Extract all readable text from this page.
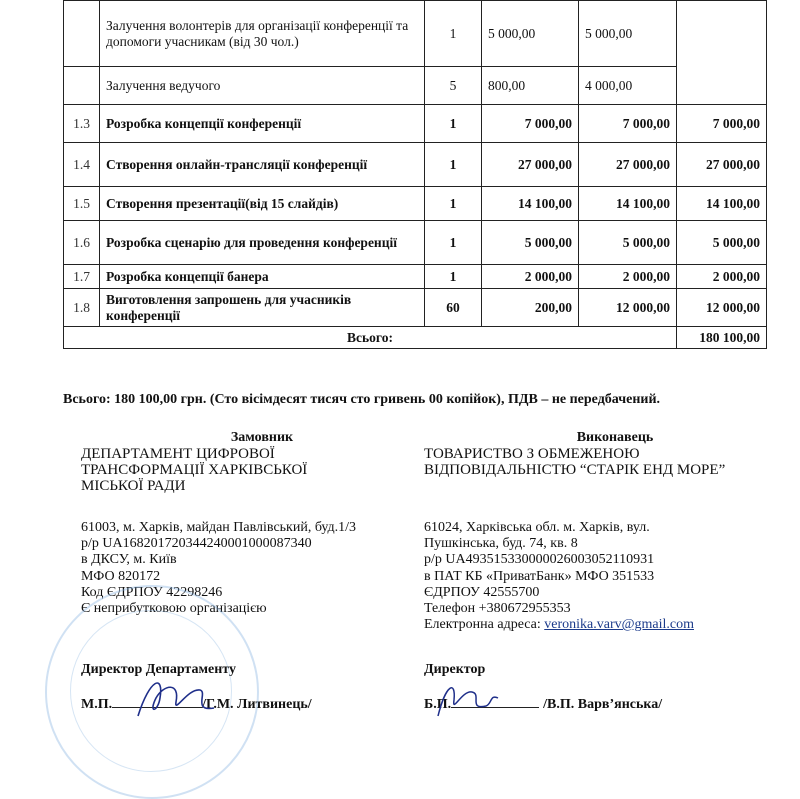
	Залучення волонтерів для організації конференції та допомоги учасникам (від 30 чол.)	1	5 000,00	5 000,00	
	Залучення ведучого	5	800,00	4 000,00	
1.3	Розробка концепції конференції	1	7 000,00	7 000,00	7 000,00
1.4	Створення онлайн-трансляції конференції	1	27 000,00	27 000,00	27 000,00
1.5	Створення презентації(від 15 слайдів)	1	14 100,00	14 100,00	14 100,00
1.6	Розробка сценарію для проведення конференції	1	5 000,00	5 000,00	5 000,00
1.7	Розробка концепції банера	1	2 000,00	2 000,00	2 000,00
1.8	Виготовлення запрошень для учасників конференції	60	200,00	12 000,00	12 000,00
Всього:					180 100,00
Всього: 180 100,00 грн. (Сто вісімдесят тисяч сто гривень 00 копійок), ПДВ – не передбачений.
Замовник
ДЕПАРТАМЕНТ ЦИФРОВОЇ
ТРАНСФОРМАЦІЇ ХАРКІВСЬКОЇ
МІСЬКОЇ РАДИ
61003, м. Харків, майдан Павлівський, буд.1/3
р/р UA168201720344240001000087340
в ДКСУ, м. Київ
МФО 820172
Код ЄДРПОУ 42298246
Є неприбутковою організацією
Директор Департаменту
М.П.	/Г.М. Литвинець/
Виконавець
ТОВАРИСТВО З ОБМЕЖЕНОЮ
ВІДПОВІДАЛЬНІСТЮ “СТАРІК ЕНД МОРЕ”
61024, Харківська обл. м. Харків, вул.
Пушкінська, буд. 74, кв. 8
р/р UA493515330000026003052110931
в ПАТ КБ «ПриватБанк» МФО 351533
ЄДРПОУ 42555700
Телефон +380672955353
Електронна адреса: veronika.varv@gmail.com
Директор
Б.П.	/В.П. Варв’янська/
